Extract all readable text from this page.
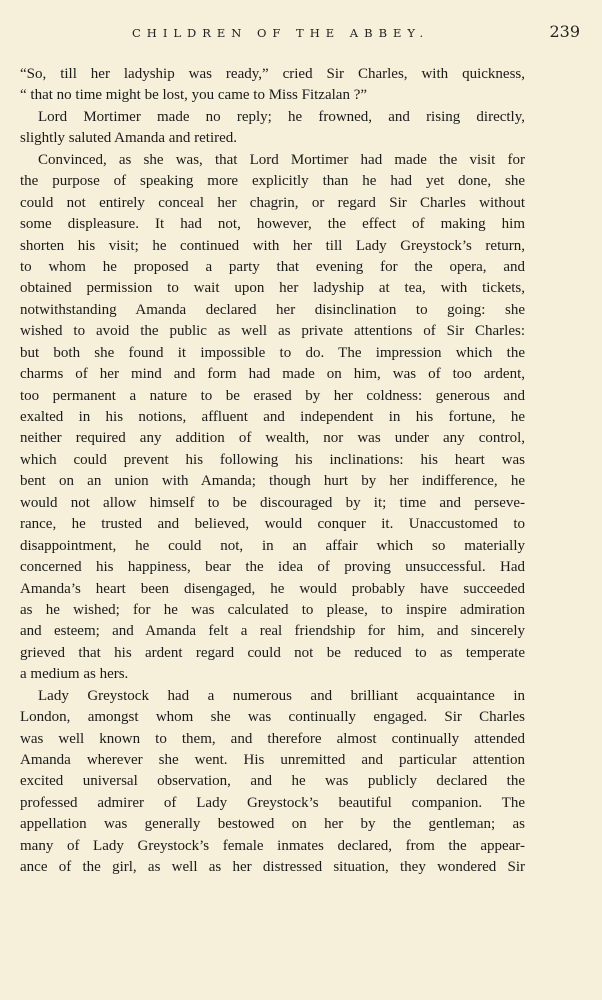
CHILDREN OF THE ABBEY.	239
“So, till her ladyship was ready,” cried Sir Charles, with quickness,
“ that no time might be lost, you came to Miss Fitzalan ?”
Lord Mortimer made no reply; he frowned, and rising directly,
slightly saluted Amanda and retired.
Convinced, as she was, that Lord Mortimer had made the visit for
the purpose of speaking more explicitly than he had yet done, she
could not entirely conceal her chagrin, or regard Sir Charles without
some displeasure. It had not, however, the effect of making him
shorten his visit; he continued with her till Lady Greystock’s return,
to whom he proposed a party that evening for the opera, and
obtained permission to wait upon her ladyship at tea, with tickets,
notwithstanding Amanda declared her disinclination to going: she
wished to avoid the public as well as private attentions of Sir Charles:
but both she found it impossible to do. The impression which the
charms of her mind and form had made on him, was of too ardent,
too permanent a nature to be erased by her coldness: generous and
exalted in his notions, affluent and independent in his fortune, he
neither required any addition of wealth, nor was under any control,
which could prevent his following his inclinations: his heart was
bent on an union with Amanda; though hurt by her indifference, he
would not allow himself to be discouraged by it; time and perseve-
rance, he trusted and believed, would conquer it. Unaccustomed to
disappointment, he could not, in an affair which so materially
concerned his happiness, bear the idea of proving unsuccessful. Had
Amanda’s heart been disengaged, he would probably have succeeded
as he wished; for he was calculated to please, to inspire admiration
and esteem; and Amanda felt a real friendship for him, and sincerely
grieved that his ardent regard could not be reduced to as temperate
a medium as hers.
Lady Greystock had a numerous and brilliant acquaintance in
London, amongst whom she was continually engaged. Sir Charles
was well known to them, and therefore almost continually attended
Amanda wherever she went. His unremitted and particular attention
excited universal observation, and he was publicly declared the
professed admirer of Lady Greystock’s beautiful companion. The
appellation was generally bestowed on her by the gentleman; as
many of Lady Greystock’s female inmates declared, from the appear-
ance of the girl, as well as her distressed situation, they wondered Sir
